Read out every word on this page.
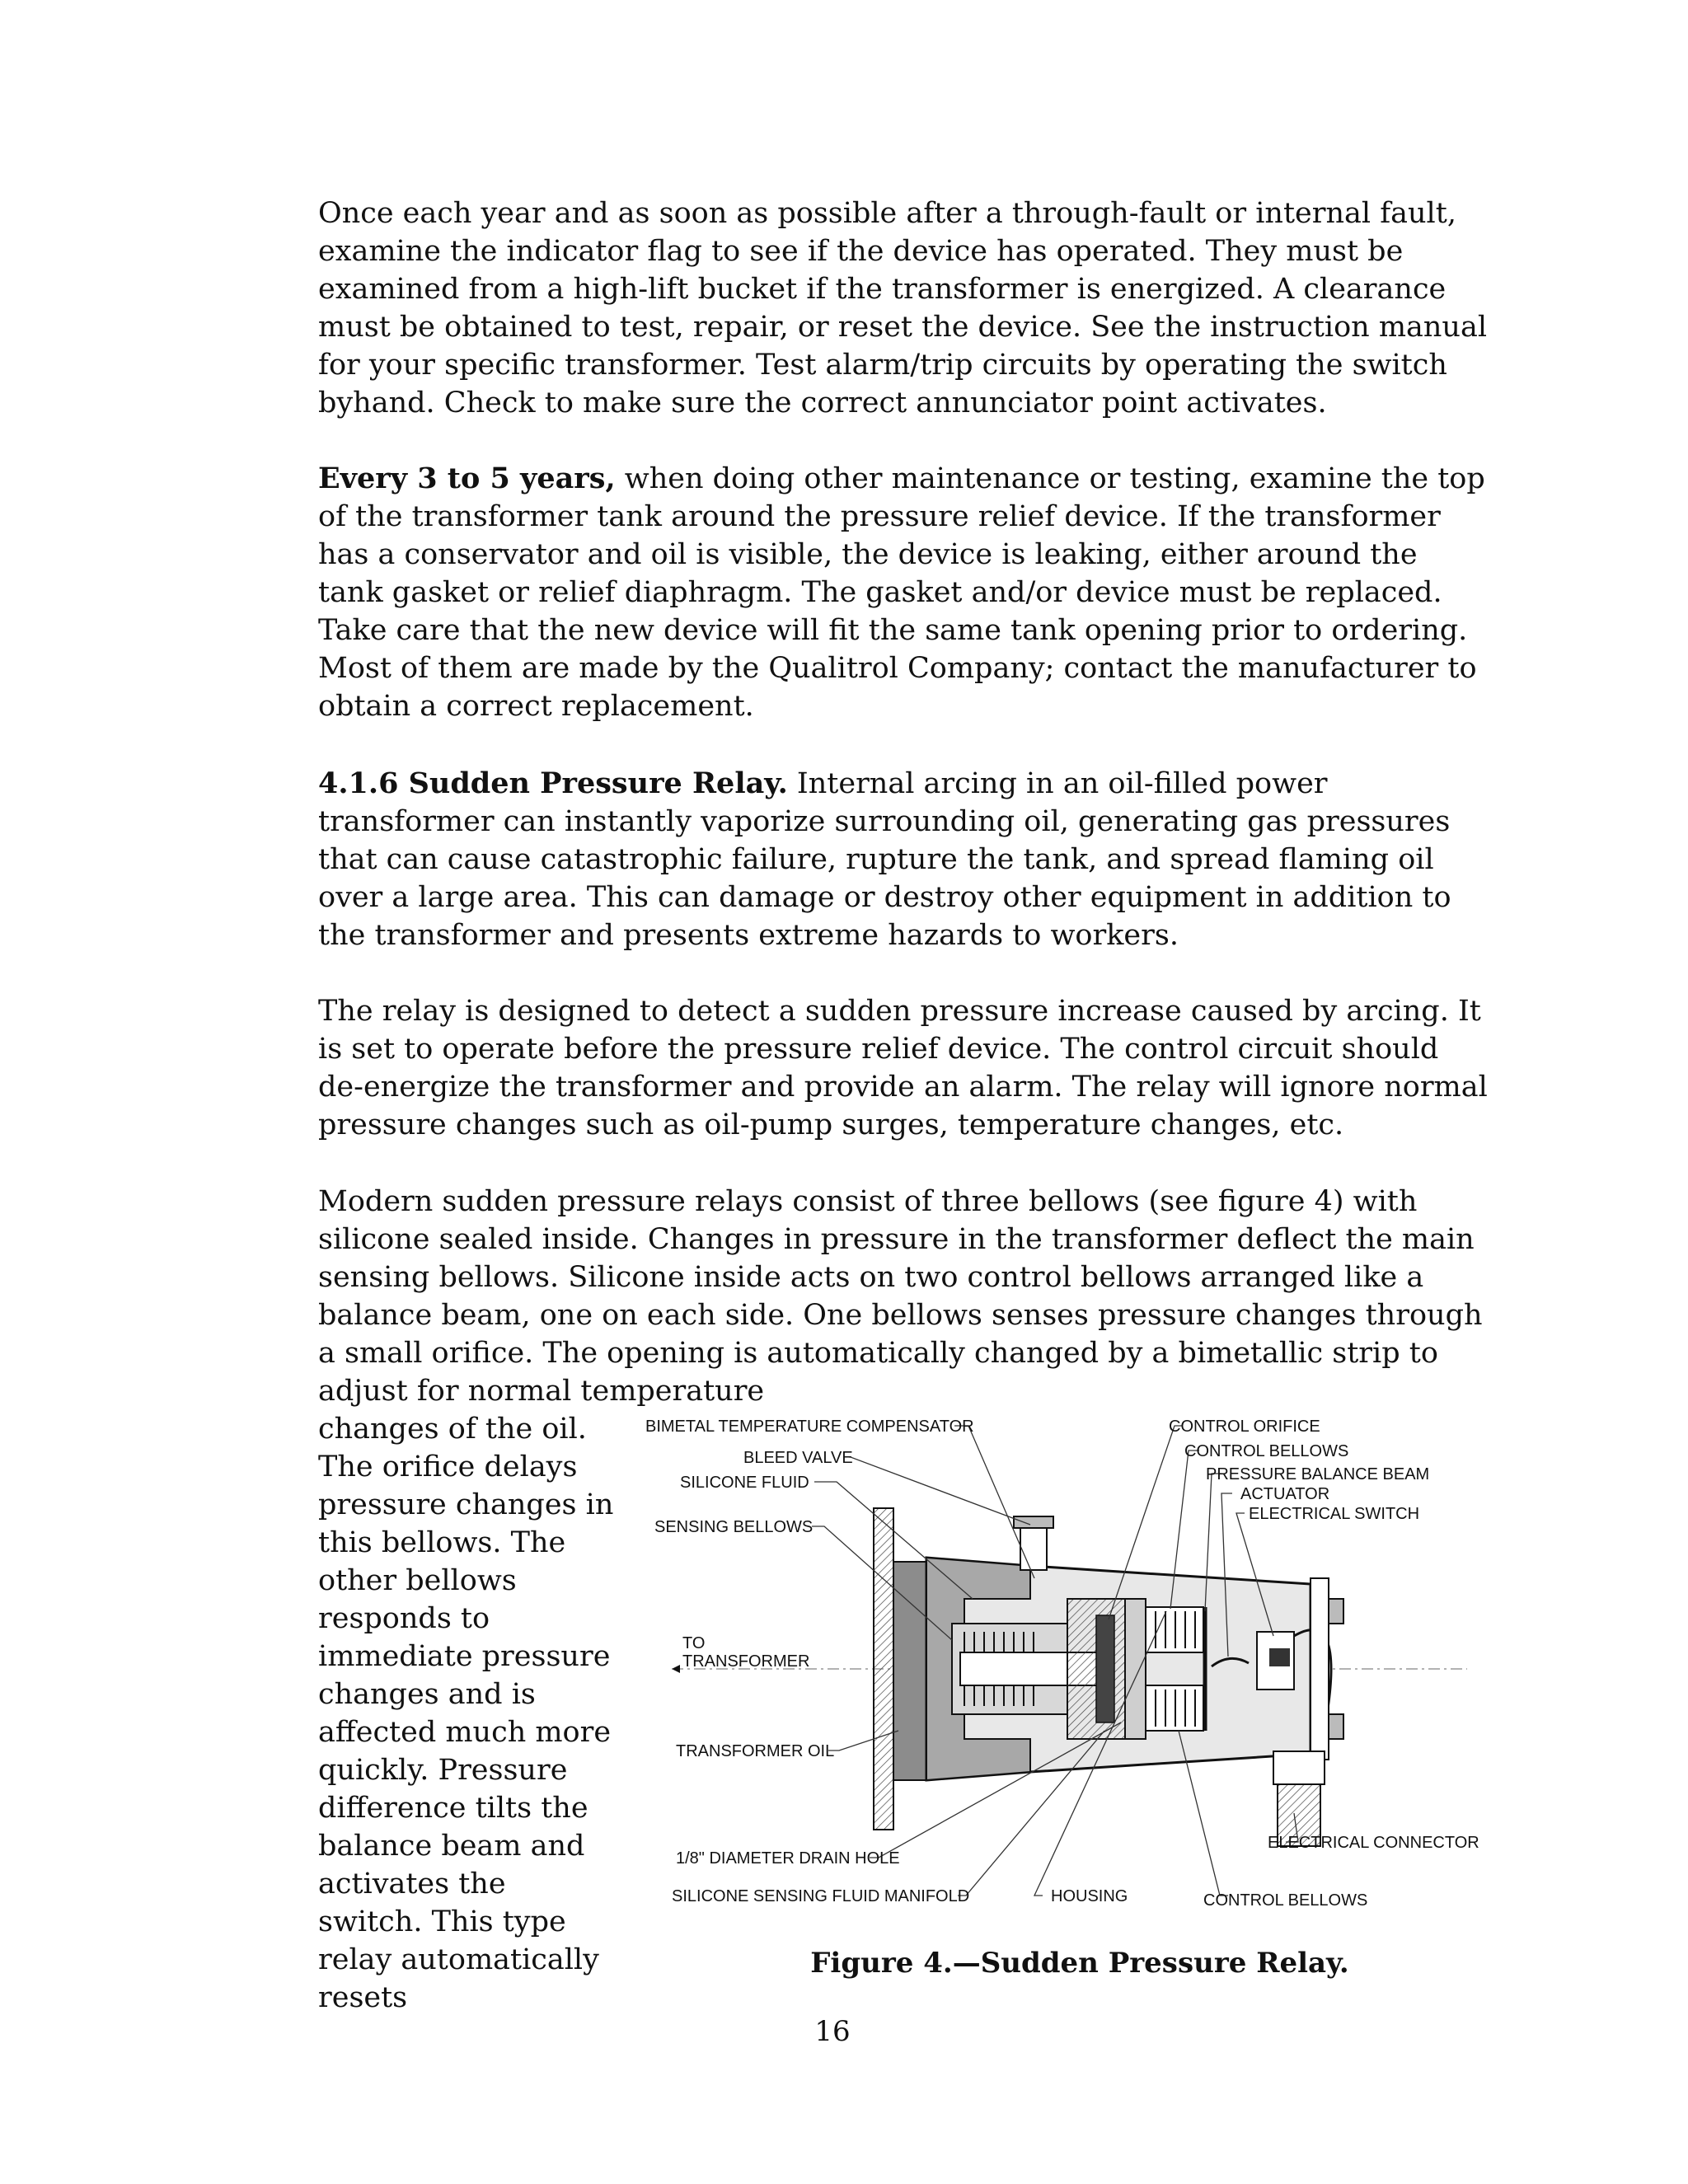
Once each year and as soon as possible after a through-fault or internal fault, examine the indicator flag to see if the device has operated. They must be examined from a high-lift bucket if the transformer is energized. A clearance must be obtained to test, repair, or reset the device. See the instruction manual for your specific transformer. Test alarm/trip circuits by operating the switch byhand. Check to make sure the correct annunciator point activates.

Every 3 to 5 years, when doing other maintenance or testing, examine the top of the transformer tank around the pressure relief device. If the transformer has a conservator and oil is visible, the device is leaking, either around the tank gasket or relief diaphragm. The gasket and/or device must be replaced. Take care that the new device will fit the same tank opening prior to ordering. Most of them are made by the Qualitrol Company; contact the manufacturer to obtain a correct replacement.

4.1.6 Sudden Pressure Relay. Internal arcing in an oil-filled power transformer can instantly vaporize surrounding oil, generating gas pressures that can cause catastrophic failure, rupture the tank, and spread flaming oil over a large area. This can damage or destroy other equipment in addition to the transformer and presents extreme hazards to workers.

The relay is designed to detect a sudden pressure increase caused by arcing. It is set to operate before the pressure relief device. The control circuit should de-energize the transformer and provide an alarm. The relay will ignore normal pressure changes such as oil-pump surges, temperature changes, etc.

Modern sudden pressure relays consist of three bellows (see figure 4) with silicone sealed inside. Changes in pressure in the transformer deflect the main sensing bellows. Silicone inside acts on two control bellows arranged like a balance beam, one on each side. One bellows senses pressure changes through a small orifice. The opening is automatically changed by a bimetallic strip to adjust for normal temperature

changes of the oil. The orifice delays pressure changes in this bellows. The other bellows responds to immediate pressure changes and is affected much more quickly. Pressure difference tilts the balance beam and activates the switch. This type relay automatically resets

BIMETAL TEMPERATURE COMPENSATOR
BLEED VALVE
SILICONE FLUID
SENSING BELLOWS
TO
TRANSFORMER
TRANSFORMER OIL
1/8" DIAMETER DRAIN HOLE
SILICONE SENSING FLUID MANIFOLD	HOUSING	CONTROL BELLOWS
ELECTRICAL CONNECTOR
CONTROL ORIFICE
CONTROL BELLOWS
PRESSURE BALANCE BEAM
ACTUATOR
ELECTRICAL SWITCH
Figure 4.—Sudden Pressure Relay.
16
